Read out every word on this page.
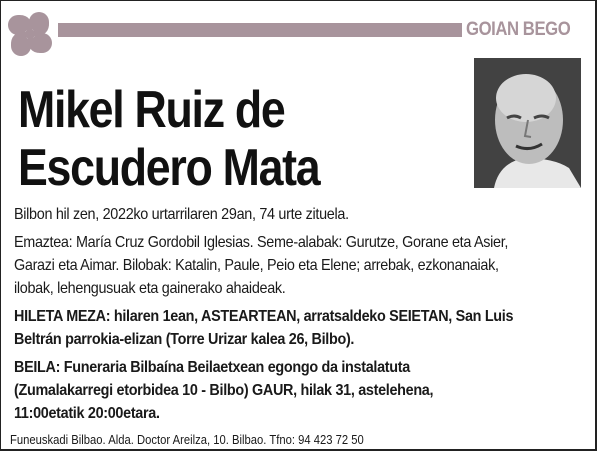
GOIAN BEGO
Mikel Ruiz de
Escudero Mata
Bilbon hil zen, 2022ko urtarrilaren 29an, 74 urte zituela.
Emaztea: María Cruz Gordobil Iglesias. Seme-alabak: Gurutze, Gorane eta Asier,
Garazi eta Aimar. Bilobak: Katalin, Paule, Peio eta Elene; arrebak, ezkonanaiak,
ilobak, lehengusuak eta gainerako ahaideak.
HILETA MEZA: hilaren 1ean, ASTEARTEAN, arratsaldeko SEIETAN, San Luis
Beltrán parrokia-elizan (Torre Urizar kalea 26, Bilbo).
BEILA: Funeraria Bilbaína Beilaetxean egongo da instalatuta
(Zumalakarregi etorbidea 10 - Bilbo) GAUR, hilak 31, astelehena,
11:00etatik 20:00etara.
Funeuskadi Bilbao. Alda. Doctor Areilza, 10. Bilbao. Tfno: 94 423 72 50
